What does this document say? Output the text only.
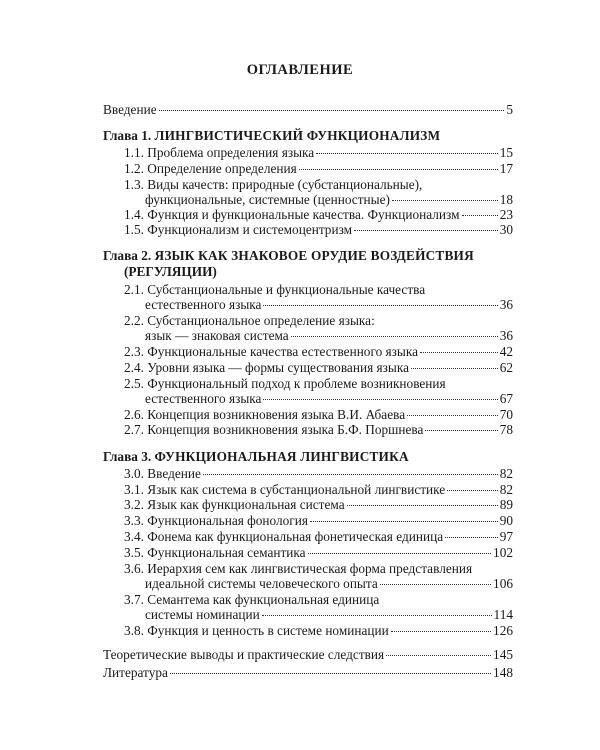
ОГЛАВЛЕНИЕ
Введение	5
Глава 1. ЛИНГВИСТИЧЕСКИЙ ФУНКЦИОНАЛИЗМ
1.1. Проблема определения языка	15
1.2. Определение определения	17
1.3. Виды качеств: природные (субстанциональные),
функциональные, системные (ценностные)	18
1.4. Функция и функциональные качества. Функционализм	23
1.5. Функционализм и системоцентризм	30
Глава 2. ЯЗЫК КАК ЗНАКОВОЕ ОРУДИЕ ВОЗДЕЙСТВИЯ
(РЕГУЛЯЦИИ)
2.1. Субстанциональные и функциональные качества
естественного языка	36
2.2. Субстанциональное определение языка:
язык — знаковая система	36
2.3. Функциональные качества естественного языка	42
2.4. Уровни языка — формы существования языка	62
2.5. Функциональный подход к проблеме возникновения
естественного языка	67
2.6. Концепция возникновения языка В.И. Абаева	70
2.7. Концепция возникновения языка Б.Ф. Поршнева	78
Глава 3. ФУНКЦИОНАЛЬНАЯ ЛИНГВИСТИКА
3.0. Введение	82
3.1. Язык как система в субстанциональной лингвистике	82
3.2. Язык как функциональная система	89
3.3. Функциональная фонология	90
3.4. Фонема как функциональная фонетическая единица	97
3.5. Функциональная семантика	102
3.6. Иерархия сем как лингвистическая форма представления
идеальной системы человеческого опыта	106
3.7. Семантема как функциональная единица
системы номинации	114
3.8. Функция и ценность в системе номинации	126
Теоретические выводы и практические следствия	145
Литература	148
